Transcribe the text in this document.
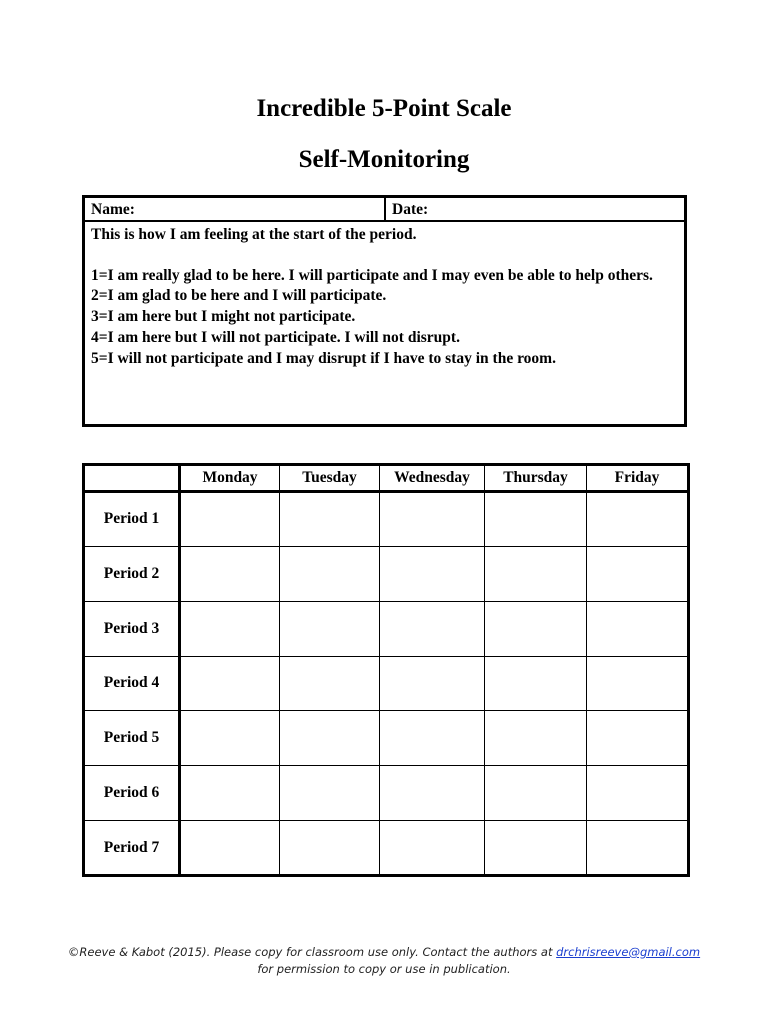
Incredible 5-Point Scale
Self-Monitoring
Name:	Date:
This is how I am feeling at the start of the period.
1=I am really glad to be here. I will participate and I may even be able to help others.
2=I am glad to be here and I will participate.
3=I am here but I might not participate.
4=I am here but I will not participate. I will not disrupt.
5=I will not participate and I may disrupt if I have to stay in the room.
	Monday	Tuesday	Wednesday	Thursday	Friday
Period 1					
Period 2					
Period 3					
Period 4					
Period 5					
Period 6					
Period 7					
©Reeve & Kabot (2015). Please copy for classroom use only. Contact the authors at drchrisreeve@gmail.com for permission to copy or use in publication.
